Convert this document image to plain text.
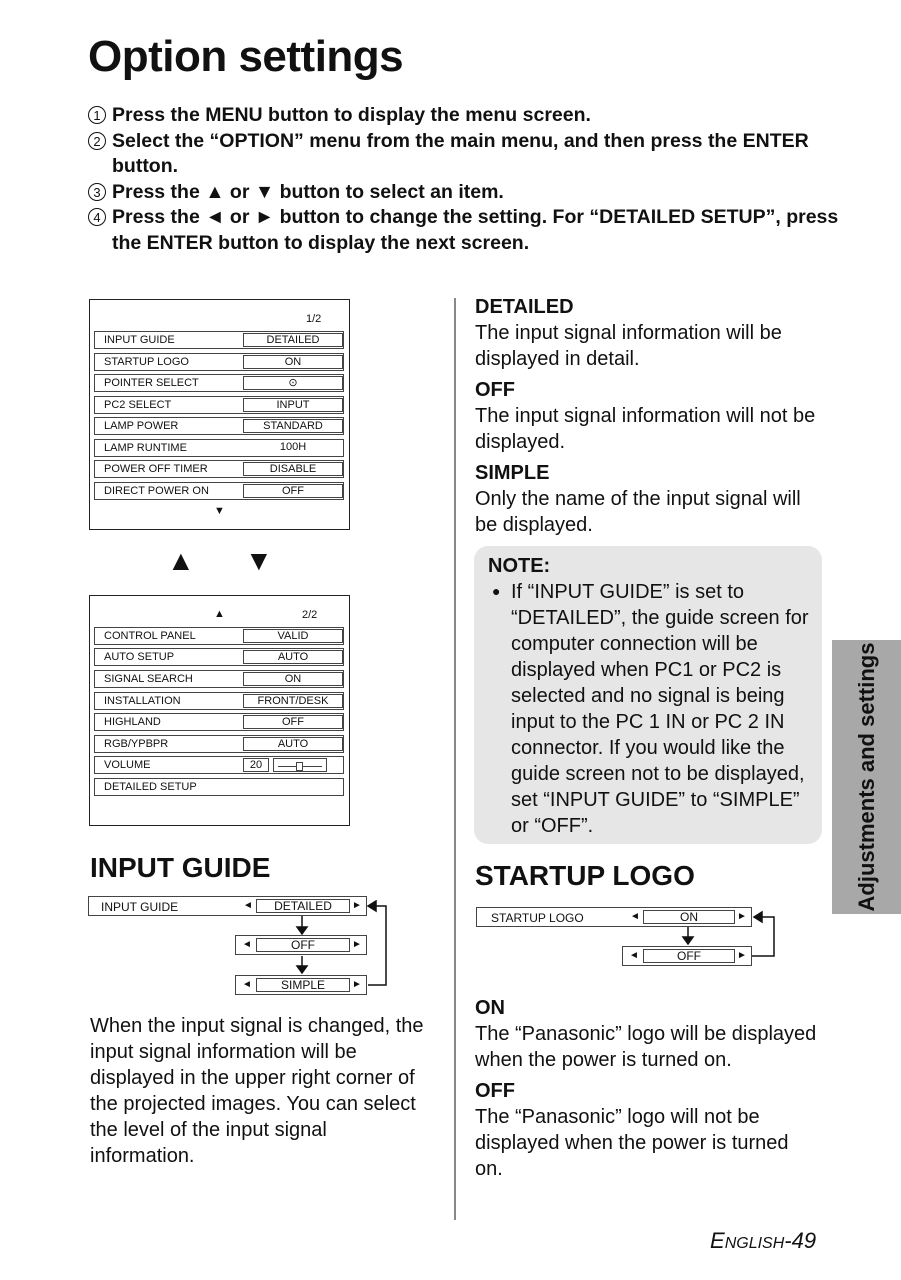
Option settings
1 Press the MENU button to display the menu screen.
2 Select the “OPTION” menu from the main menu, and then press the ENTER button.
3 Press the ▲ or ▼ button to select an item.
4 Press the ◄ or ► button to change the setting. For “DETAILED SETUP”, press the ENTER button to display the next screen.
1/2
INPUT GUIDE	DETAILED
STARTUP LOGO	ON
POINTER SELECT	⊙
PC2 SELECT	INPUT
LAMP POWER	STANDARD
LAMP RUNTIME	100H
POWER OFF TIMER	DISABLE
DIRECT POWER ON	OFF
▼
▲ ▼
▲	2/2
CONTROL PANEL	VALID
AUTO SETUP	AUTO
SIGNAL SEARCH	ON
INSTALLATION	FRONT/DESK
HIGHLAND	OFF
RGB/YPBPR	AUTO
VOLUME	20
DETAILED SETUP
INPUT GUIDE
INPUT GUIDE	◄	DETAILED	►
◄	OFF	►
◄	SIMPLE	►

When the input signal is changed, the input signal information will be displayed in the upper right corner of the projected images. You can select the level of the input signal information.

DETAILED
The input signal information will be displayed in detail.
OFF
The input signal information will not be displayed.
SIMPLE
Only the name of the input signal will be displayed.
NOTE:
● If “INPUT GUIDE” is set to “DETAILED”, the guide screen for computer connection will be displayed when PC1 or PC2 is selected and no signal is being input to the PC 1 IN or PC 2 IN connector. If you would like the guide screen not to be displayed, set “INPUT GUIDE” to “SIMPLE” or “OFF”.
STARTUP LOGO
STARTUP LOGO	◄	ON	►
◄	OFF	►
ON
The “Panasonic” logo will be displayed when the power is turned on.
OFF
The “Panasonic” logo will not be displayed when the power is turned on.
Adjustments and settings
ENGLISH-49
